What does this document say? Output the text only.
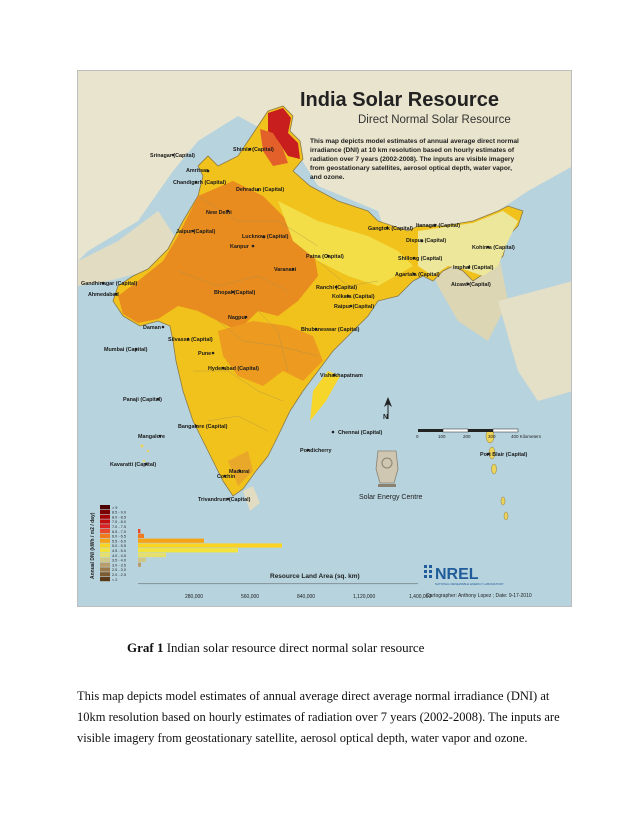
India Solar Resource
Direct Normal Solar Resource
This map depicts model estimates of annual average direct normal
irradiance (DNI) at 10 km resolution based on hourly estimates of
radiation over 7 years (2002-2008). The inputs are visible imagery
from geostationary satellites, aerosol optical depth, water vapor,
and ozone.
Srinagar (Capital)
Shimla (Capital)
Amritsar
Chandigarh (Capital)
Dehradun (Capital)
New Delhi
Jaipur (Capital)
Lucknow (Capital)
Kanpur
Gangtok (Capital) Itanagar (Capital)
Dispur (Capital)
Kohima (Capital)
Shillong (Capital)
Imphal (Capital)
Patna (Capital)
Varanasi
Agartala (Capital)
Aizawl (Capital)
Gandhinagar (Capital)
Ahmedabad	Bhopal (Capital)
Ranchi (Capital)
Kolkata (Capital)
Daman
Nagpur
Raipur (Capital)
Bhubaneswar (Capital)
Silvassa (Capital)
Mumbai (Capital)
Pune
Hyderabad (Capital)
Vishakhapatnam
Panaji (Capital)
Bangalore (Capital)
Chennai (Capital)
Mangalore
Pondicherry
Kavaratti (Capital)
Madurai
Cochin
Trivandrum (Capital)
Port Blair (Capital)
N
0	100	200	300	400 Kilometers
Solar Energy Centre
Annual DNI (kWh / m2 / day)
> 9
8.5 - 9.0
8.0 - 8.5
7.5 - 8.0
7.0 - 7.5
6.5 - 7.0
6.0 - 6.5
5.5 - 6.0
5.0 - 5.5
4.5 - 5.0
4.0 - 4.5
3.5 - 4.0
3.0 - 3.5
2.5 - 3.0
2.0 - 2.5
< 2	Resource Land Area (sq. km)
280,000	560,000	840,000	1,120,000	1,400,000
NREL
NATIONAL RENEWABLE ENERGY LABORATORY
Cartographer: Anthony Lopez ; Date: 9-17-2010
Graf 1 Indian solar resource direct normal solar resource
This map depicts model estimates of annual average direct average normal irradiance (DNI) at 10km resolution based on hourly estimates of radiation over 7 years (2002-2008). The inputs are visible imagery from geostationary satellite, aerosol optical depth, water vapor and ozone.
